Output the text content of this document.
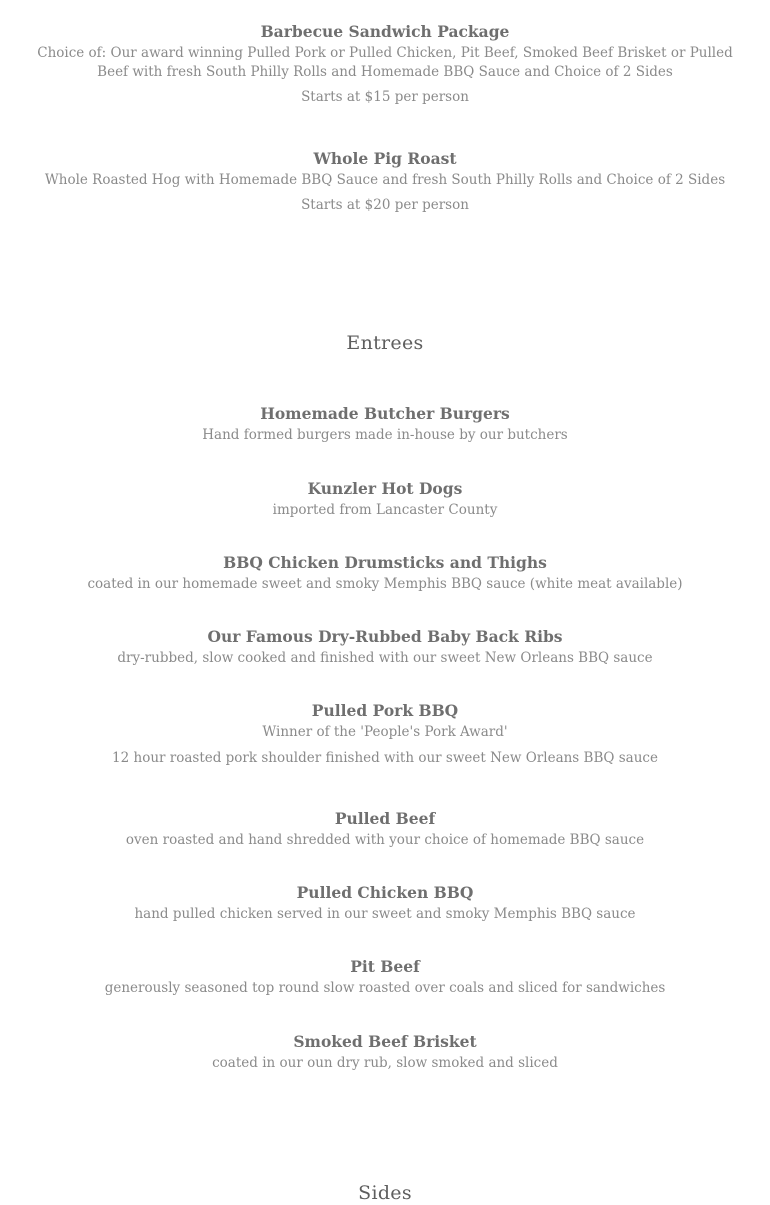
Barbecue Sandwich Package

Choice of: Our award winning Pulled Pork or Pulled Chicken, Pit Beef, Smoked Beef Brisket or Pulled Beef with fresh South Philly Rolls and Homemade BBQ Sauce and Choice of 2 Sides

Starts at $15 per person

Whole Pig Roast

Whole Roasted Hog with Homemade BBQ Sauce and fresh South Philly Rolls and Choice of 2 Sides

Starts at $20 per person

Entrees

Homemade Butcher Burgers

Hand formed burgers made in-house by our butchers

Kunzler Hot Dogs

imported from Lancaster County

BBQ Chicken Drumsticks and Thighs

coated in our homemade sweet and smoky Memphis BBQ sauce (white meat available)

Our Famous Dry-Rubbed Baby Back Ribs

dry-rubbed, slow cooked and finished with our sweet New Orleans BBQ sauce

Pulled Pork BBQ

Winner of the 'People's Pork Award'

12 hour roasted pork shoulder finished with our sweet New Orleans BBQ sauce

Pulled Beef

oven roasted and hand shredded with your choice of homemade BBQ sauce

Pulled Chicken BBQ

hand pulled chicken served in our sweet and smoky Memphis BBQ sauce

Pit Beef

generously seasoned top round slow roasted over coals and sliced for sandwiches

Smoked Beef Brisket

coated in our oun dry rub, slow smoked and sliced

Sides
